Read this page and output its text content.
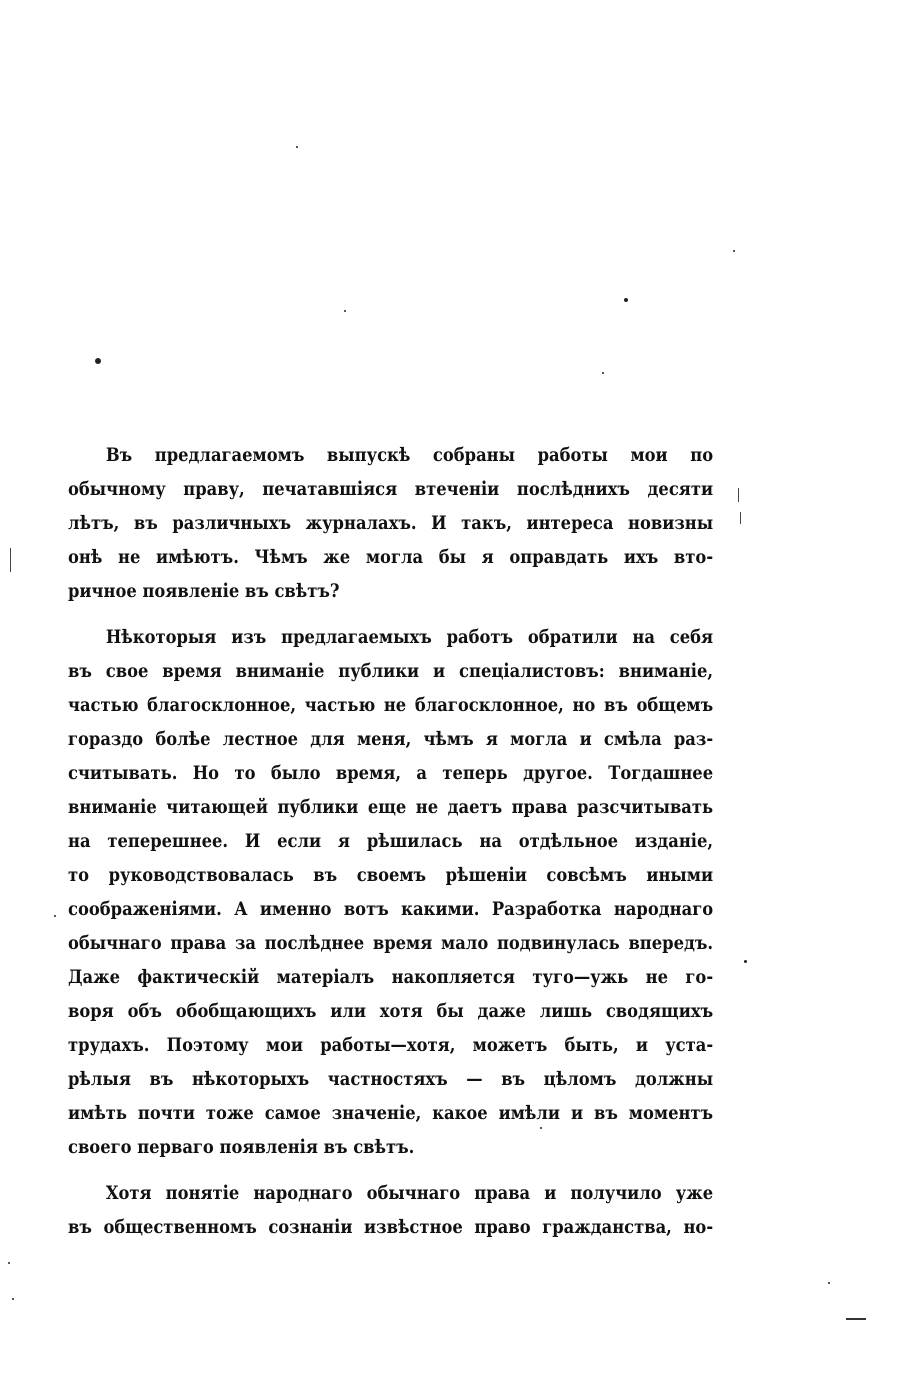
Въ предлагаемомъ выпускѣ собраны работы мои по
обычному праву, печатавшіяся втеченіи послѣднихъ десяти
лѣтъ, въ различныхъ журналахъ. И такъ, интереса новизны
онѣ не имѣютъ. Чѣмъ же могла бы я оправдать ихъ вто-
ричное появленіе въ свѣтъ?
Нѣкоторыя изъ предлагаемыхъ работъ обратили на себя
въ свое время вниманіе публики и спеціалистовъ: вниманіе,
частью благосклонное, частью не благосклонное, но въ общемъ
гораздо болѣе лестное для меня, чѣмъ я могла и смѣла раз-
считывать. Но то было время, а теперь другое. Тогдашнее
вниманіе читающей публики еще не даетъ права разсчитывать
на теперешнее. И если я рѣшилась на отдѣльное изданіе,
то руководствовалась въ своемъ рѣшеніи совсѣмъ иными
соображеніями. А именно вотъ какими. Разработка народнаго
обычнаго права за послѣднее время мало подвинулась впередъ.
Даже фактическій матеріалъ накопляется туго—ужь не го-
воря объ обобщающихъ или хотя бы даже лишь сводящихъ
трудахъ. Поэтому мои работы—хотя, можетъ быть, и уста-
рѣлыя въ нѣкоторыхъ частностяхъ — въ цѣломъ должны
имѣть почти тоже самое значеніе, какое имѣли и въ моментъ
своего перваго появленія въ свѣтъ.
Хотя понятіе народнаго обычнаго права и получило уже
въ общественномъ сознаніи извѣстное право гражданства, но-
